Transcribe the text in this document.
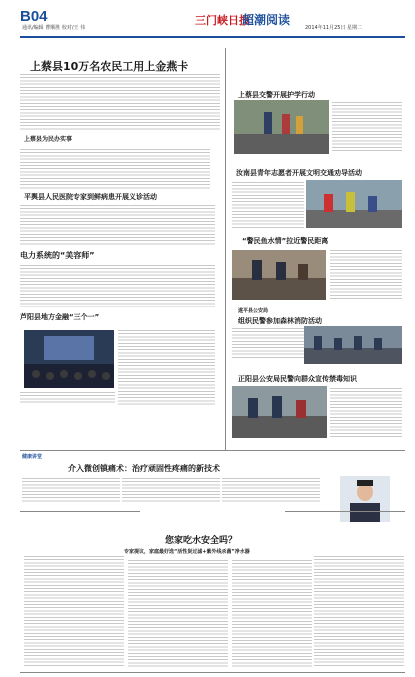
B04
通讯/编辑 曹顺胜 校对/王 伟
三门峡日报
超潮阅读
2014年11月25日 星期二
上蔡县10万名农民工用上金燕卡
上蔡县为民办实事
平舆县人民医院专家到鲜病患开展义诊活动
电力系统的“美容师”
芦阳县地方金融“三个一”
上蔡县交警开展护学行动
汝南县青年志愿者开展文明交通劝导活动
“警民鱼水情”拉近警民距离
遂平县公安局
组织民警参加森林消防活动
正阳县公安局民警向群众宣传禁毒知识
健康讲堂
介入微创镇痛术：治疗顽固性疼痛的新技术
您家吃水安全吗？
专家提议，家庭最好选“活性炭过滤+紫外线杀菌”净水器
